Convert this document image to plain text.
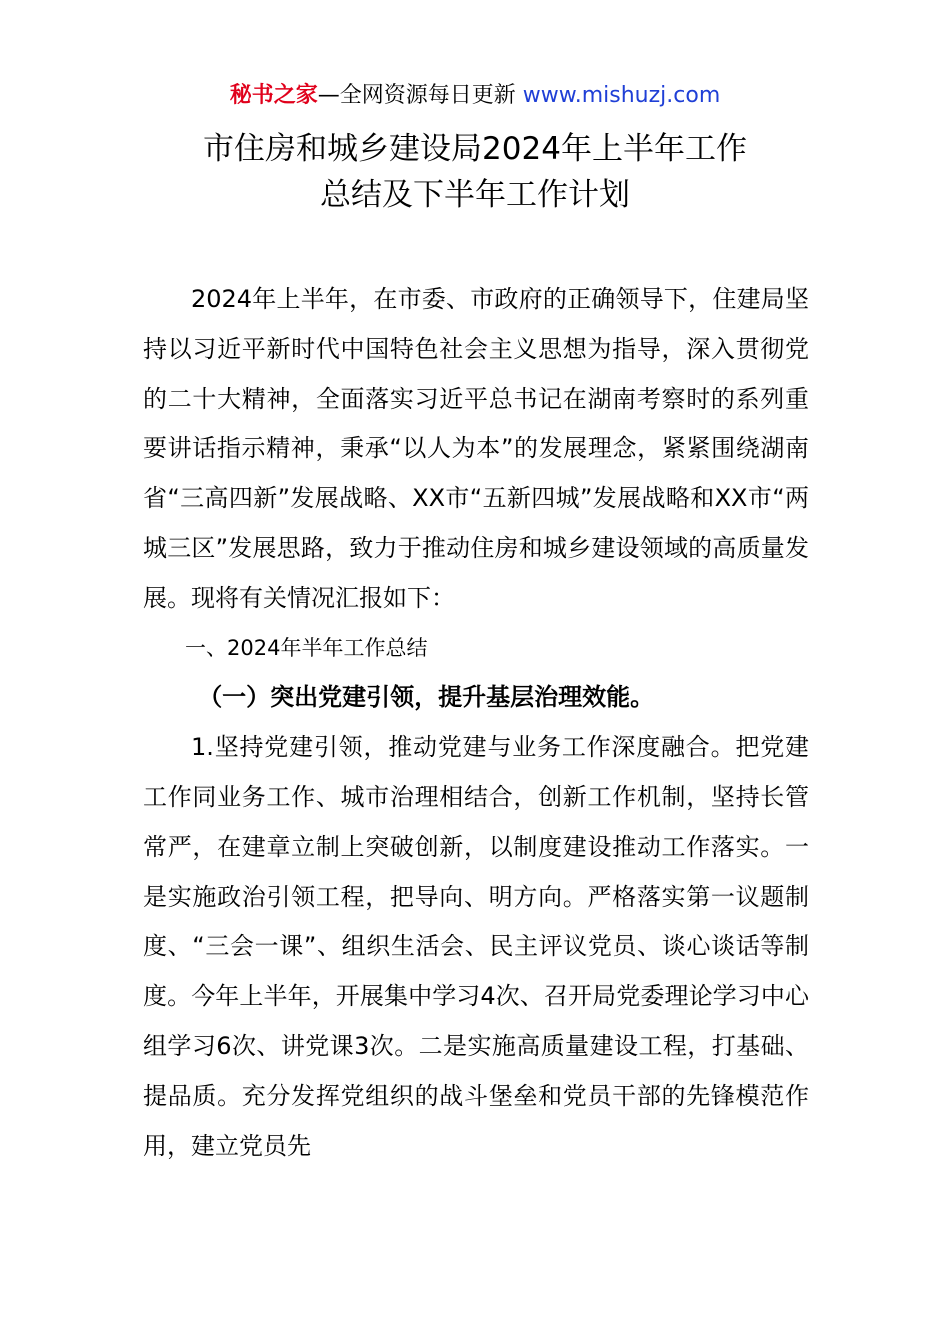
秘书之家—全网资源每日更新 www.mishuzj.com
市住房和城乡建设局2024年上半年工作
总结及下半年工作计划

2024年上半年，在市委、市政府的正确领导下，住建局坚持以习近平新时代中国特色社会主义思想为指导，深入贯彻党的二十大精神，全面落实习近平总书记在湖南考察时的系列重要讲话指示精神，秉承“以人为本”的发展理念，紧紧围绕湖南省“三高四新”发展战略、XX市“五新四城”发展战略和XX市“两城三区”发展思路，致力于推动住房和城乡建设领域的高质量发展。现将有关情况汇报如下：

一、2024年半年工作总结

（一）突出党建引领，提升基层治理效能。

1.坚持党建引领，推动党建与业务工作深度融合。把党建工作同业务工作、城市治理相结合，创新工作机制，坚持长管常严，在建章立制上突破创新，以制度建设推动工作落实。一是实施政治引领工程，把导向、明方向。严格落实第一议题制度、“三会一课”、组织生活会、民主评议党员、谈心谈话等制度。今年上半年，开展集中学习4次、召开局党委理论学习中心组学习6次、讲党课3次。二是实施高质量建设工程，打基础、提品质。充分发挥党组织的战斗堡垒和党员干部的先锋模范作用，建立党员先
